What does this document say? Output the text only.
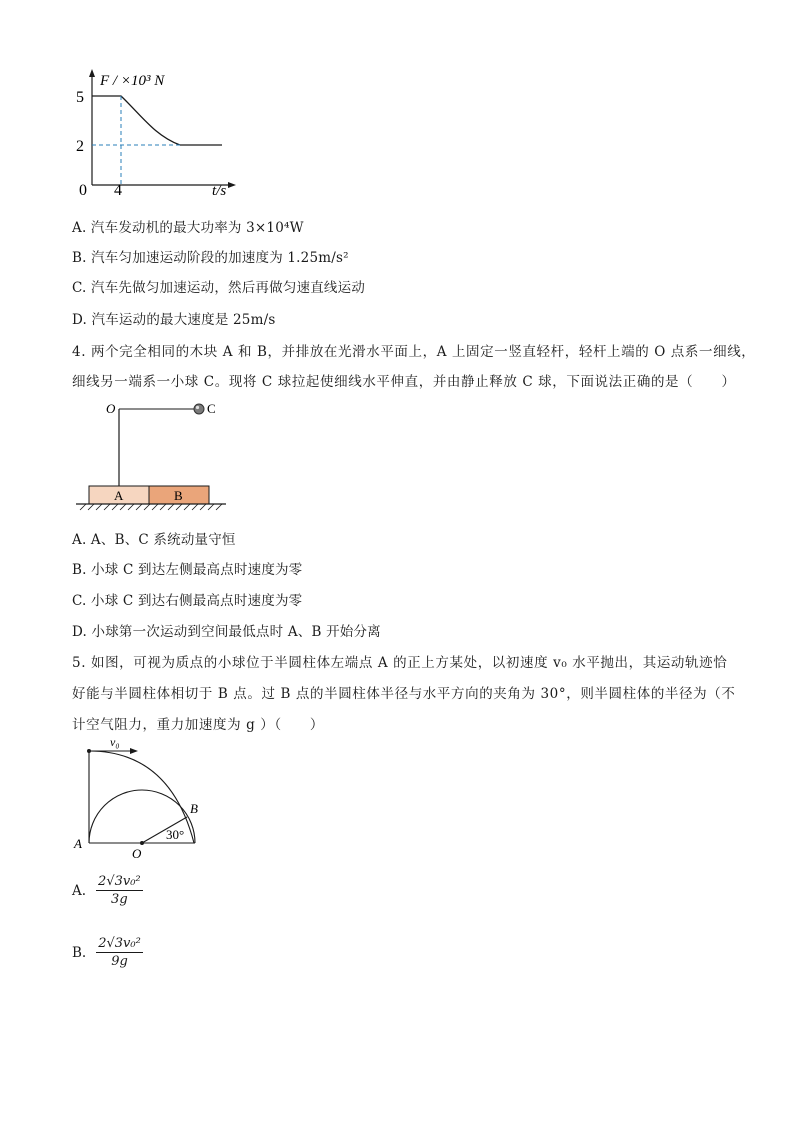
F / ×10³ N
5
2
0 4	t/s
A. 汽车发动机的最大功率为 3×10⁴W
B. 汽车匀加速运动阶段的加速度为 1.25m/s²
C. 汽车先做匀加速运动，然后再做匀速直线运动
D. 汽车运动的最大速度是 25m/s
4. 两个完全相同的木块 A 和 B，并排放在光滑水平面上，A 上固定一竖直轻杆，轻杆上端的 O 点系一细线，
细线另一端系一小球 C。现将 C 球拉起使细线水平伸直，并由静止释放 C 球，下面说法正确的是（　　）
O	C
A	B
A. A、B、C 系统动量守恒
B. 小球 C 到达左侧最高点时速度为零
C. 小球 C 到达右侧最高点时速度为零
D. 小球第一次运动到空间最低点时 A、B 开始分离
5. 如图，可视为质点的小球位于半圆柱体左端点 A 的正上方某处，以初速度 v₀ 水平抛出，其运动轨迹恰
好能与半圆柱体相切于 B 点。过 B 点的半圆柱体半径与水平方向的夹角为 30°，则半圆柱体的半径为（不
计空气阻力，重力加速度为 g ）（　　）
v₀
B
A
O
30°
A. $\frac{\text{2√3v₀²}}{3g}$
B. $\frac{\text{2√3v₀²}}{9g}$
